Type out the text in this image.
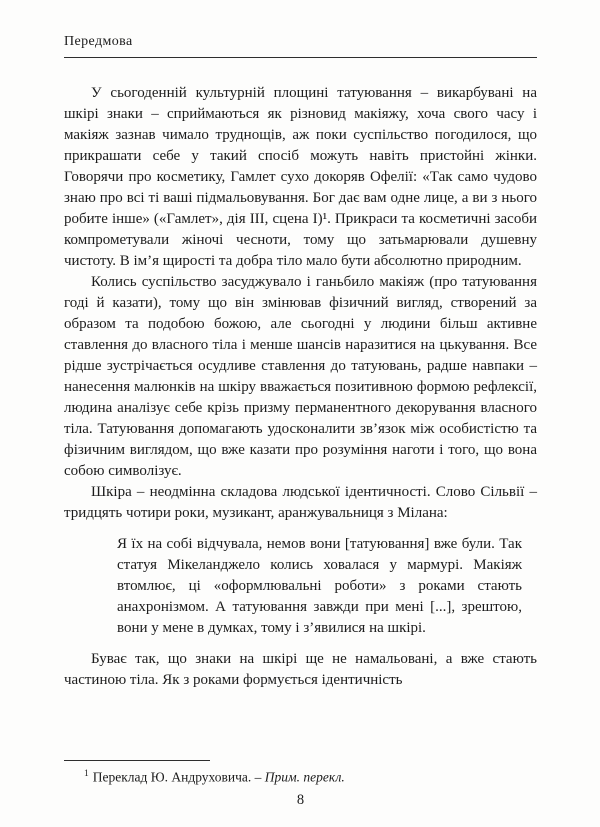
Передмова

У сьогоденній культурній площині татуювання – викарбувані на шкірі знаки – сприймаються як різновид макіяжу, хоча свого часу і макіяж зазнав чимало труднощів, аж поки суспільство погодилося, що прикрашати себе у такий спосіб можуть навіть пристойні жінки. Говорячи про косметику, Гамлет сухо докоряв Офелії: «Так само чудово знаю про всі ті ваші підмальовування. Бог дає вам одне лице, а ви з нього робите інше» («Гамлет», дія III, сцена I)¹. Прикраси та косметичні засоби компрометували жіночі чесноти, тому що затьмарювали душевну чистоту. В ім’я щирості та добра тіло мало бути абсолютно природним.

Колись суспільство засуджувало і ганьбило макіяж (про татуювання годі й казати), тому що він змінював фізичний вигляд, створений за образом та подобою божою, але сьогодні у людини більш активне ставлення до власного тіла і менше шансів наразитися на цькування. Все рідше зустрічається осудливе ставлення до татуювань, радше навпаки – нанесення малюнків на шкіру вважається позитивною формою рефлексії, людина аналізує себе крізь призму перманентного декорування власного тіла. Татуювання допомагають удосконалити зв’язок між особистістю та фізичним виглядом, що вже казати про розуміння наготи і того, що вона собою символізує.

Шкіра – неодмінна складова людської ідентичності. Слово Сільвії – тридцять чотири роки, музикант, аранжувальниця з Мілана:

Я їх на собі відчувала, немов вони [татуювання] вже були. Так статуя Мікеланджело колись ховалася у мармурі. Макіяж втомлює, ці «оформлювальні роботи» з роками стають анахронізмом. А татуювання завжди при мені [...], зрештою, вони у мене в думках, тому і з’явилися на шкірі.

Буває так, що знаки на шкірі ще не намальовані, а вже стають частиною тіла. Як з роками формується ідентичність

$^1$ Переклад Ю. Андруховича. – Прим. перекл.
8
